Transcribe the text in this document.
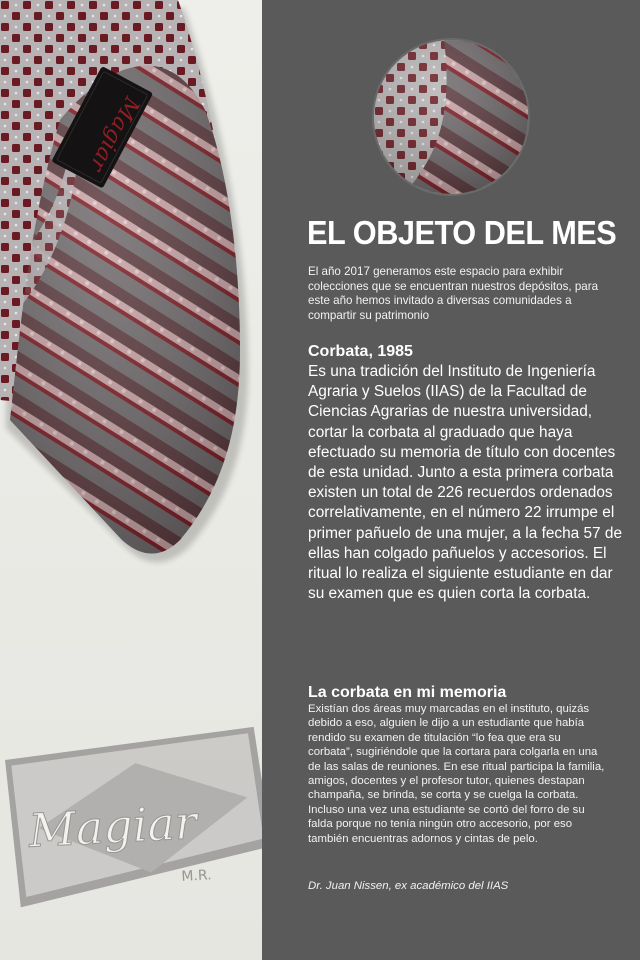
Magiar
Magiar
M.R.
EL OBJETO DEL MES

El año 2017 generamos este espacio para exhibir colecciones que se encuentran nuestros depósitos, para este año hemos invitado a diversas comunidades a compartir su patrimonio

Corbata, 1985

Es una tradición del Instituto de Ingeniería Agraria y Suelos (IIAS) de la Facultad de Ciencias Agrarias de nuestra universidad, cortar la corbata al graduado que haya efectuado su memoria de título con docentes de esta unidad. Junto a esta primera corbata existen un total de 226 recuerdos ordenados correlativamente, en el número 22 irrumpe el primer pañuelo de una mujer, a la fecha 57 de ellas han colgado pañuelos y accesorios. El ritual lo realiza el siguiente estudiante en dar su examen que es quien corta la corbata.

La corbata en mi memoria

Existían dos áreas muy marcadas en el instituto, quizás debido a eso, alguien le dijo a un estudiante que había rendido su examen de titulación “lo fea que era su corbata”, sugiriéndole que la cortara para colgarla en una de las salas de reuniones. En ese ritual participa la familia, amigos, docentes y el profesor tutor, quienes destapan champaña, se brinda, se corta y se cuelga la corbata. Incluso una vez una estudiante se cortó del forro de su falda porque no tenía ningún otro accesorio, por eso también encuentras adornos y cintas de pelo.

Dr. Juan Nissen, ex académico del IIAS
